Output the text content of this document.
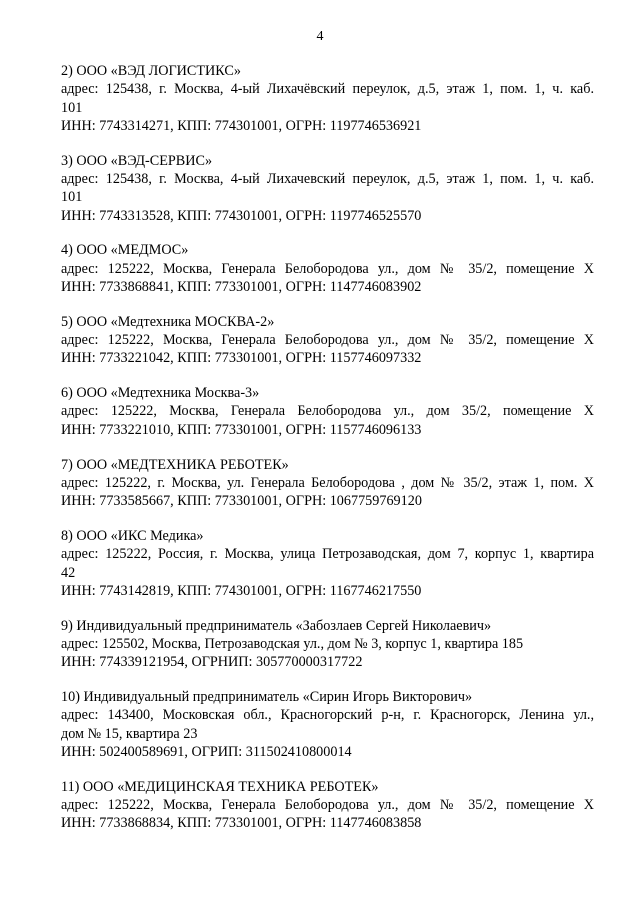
4
2) ООО «ВЭД ЛОГИСТИКС»
адрес: 125438, г. Москва, 4-ый Лихачёвский переулок, д.5, этаж 1, пом. 1, ч. каб.
101
ИНН: 7743314271, КПП: 774301001, ОГРН: 1197746536921
3) ООО «ВЭД-СЕРВИС»
адрес: 125438, г. Москва, 4-ый Лихачевский переулок, д.5, этаж 1, пом. 1, ч. каб.
101
ИНН: 7743313528, КПП: 774301001, ОГРН: 1197746525570
4) ООО «МЕДМОС»
адрес: 125222, Москва, Генерала Белобородова ул., дом № 35/2, помещение X
ИНН: 7733868841, КПП: 773301001, ОГРН: 1147746083902
5) ООО «Медтехника МОСКВА-2»
адрес: 125222, Москва, Генерала Белобородова ул., дом № 35/2, помещение X
ИНН: 7733221042, КПП: 773301001, ОГРН: 1157746097332
6) ООО «Медтехника Москва-3»
адрес: 125222, Москва, Генерала Белобородова ул., дом 35/2, помещение X
ИНН: 7733221010, КПП: 773301001, ОГРН: 1157746096133
7) ООО «МЕДТЕХНИКА РЕБОТЕК»
адрес: 125222, г. Москва, ул. Генерала Белобородова , дом № 35/2, этаж 1, пом. X
ИНН: 7733585667, КПП: 773301001, ОГРН: 1067759769120
8) ООО «ИКС Медика»
адрес: 125222, Россия, г. Москва, улица Петрозаводская, дом 7, корпус 1, квартира
42
ИНН: 7743142819, КПП: 774301001, ОГРН: 1167746217550
9) Индивидуальный предприниматель «Забозлаев Сергей Николаевич»
адрес: 125502, Москва, Петрозаводская ул., дом № 3, корпус 1, квартира 185
ИНН: 774339121954, ОГРНИП: 305770000317722
10) Индивидуальный предприниматель «Сирин Игорь Викторович»
адрес: 143400, Московская обл., Красногорский р-н, г. Красногорск, Ленина ул.,
дом № 15, квартира 23
ИНН: 502400589691, ОГРИП: 311502410800014
11) ООО «МЕДИЦИНСКАЯ ТЕХНИКА РЕБОТЕК»
адрес: 125222, Москва, Генерала Белобородова ул., дом № 35/2, помещение X
ИНН: 7733868834, КПП: 773301001, ОГРН: 1147746083858
